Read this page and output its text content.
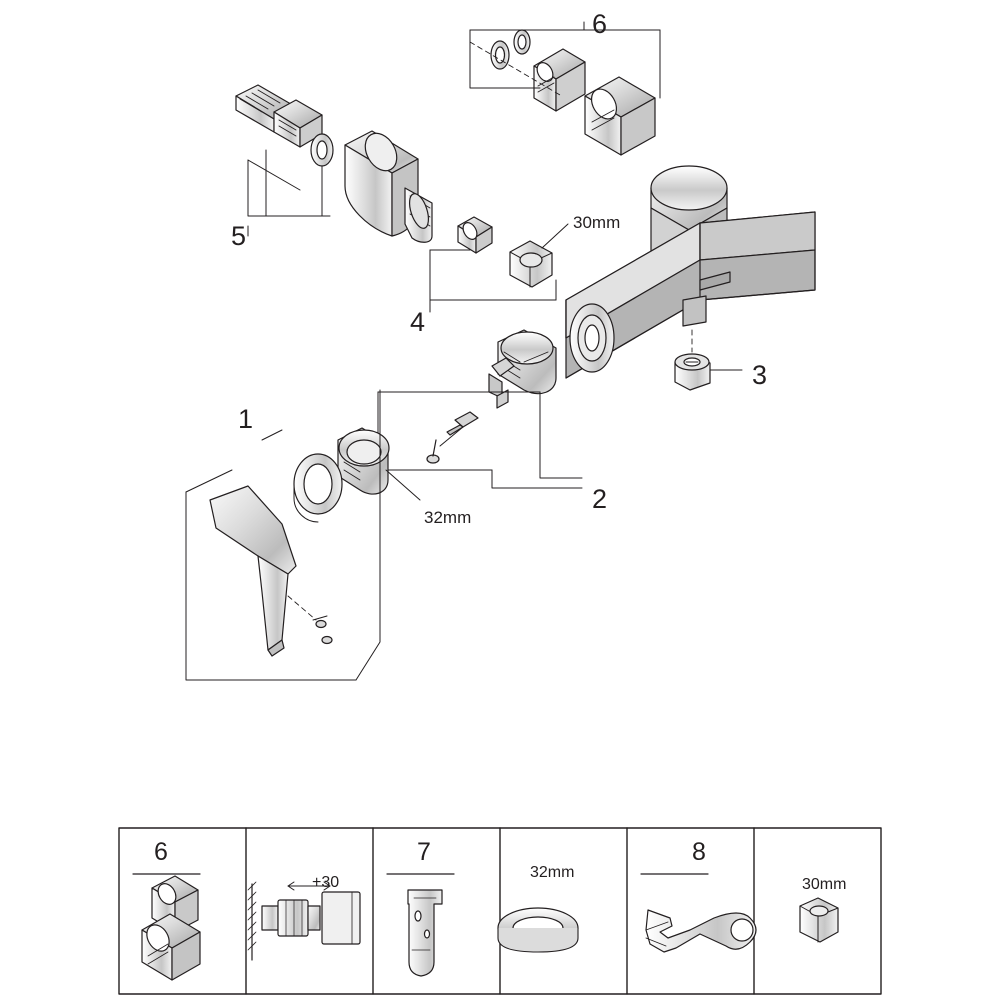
1
2
3
4
5
6
30mm
32mm
6
+30
7
32mm
8
30mm
